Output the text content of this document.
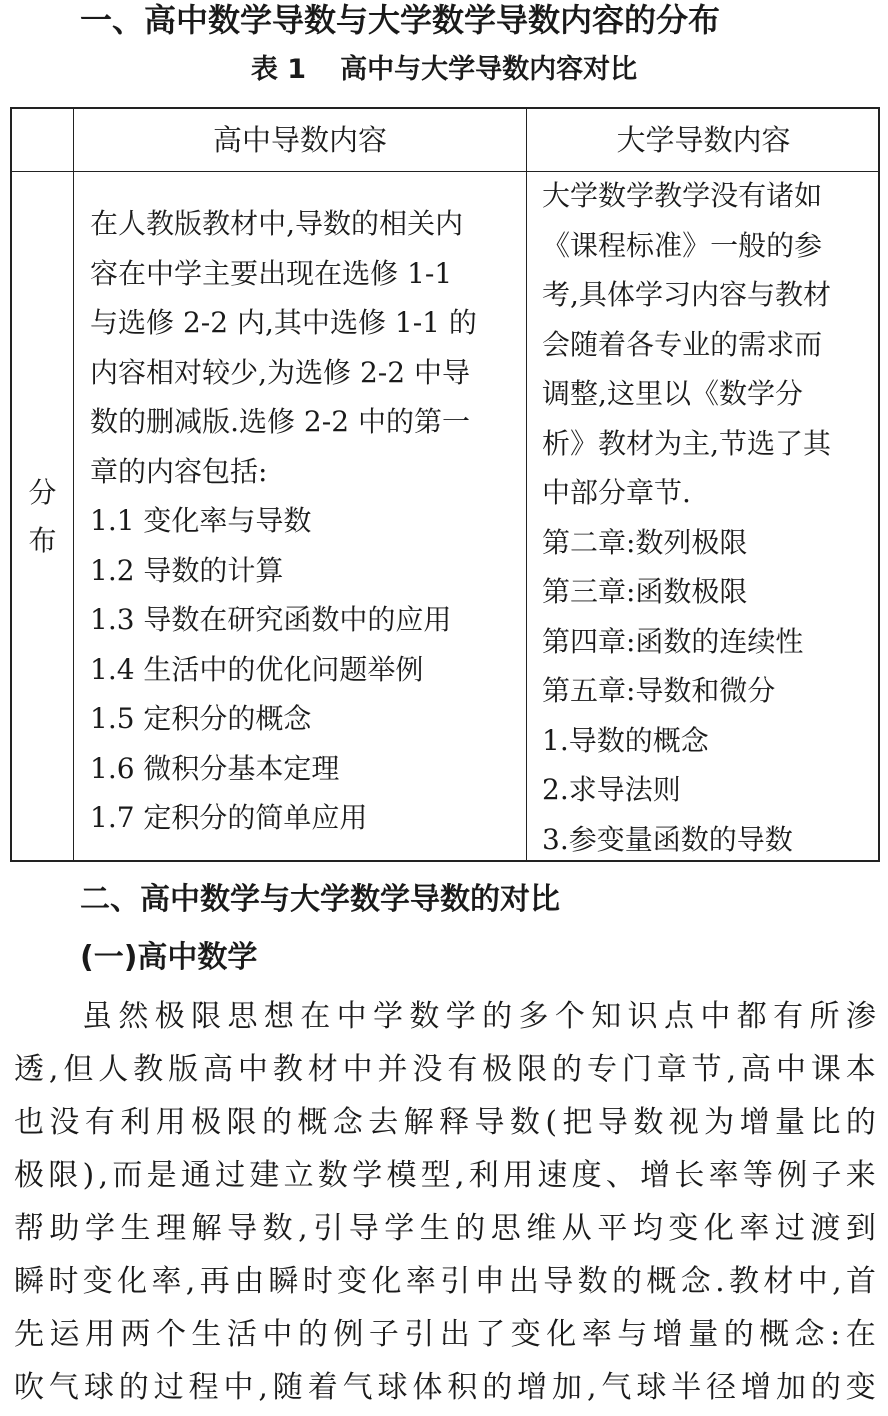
一、高中数学导数与大学数学导数内容的分布
表 1 高中与大学导数内容对比
高中导数内容	大学导数内容
分
布
在人教版教材中,导数的相关内
容在中学主要出现在选修 1-1
与选修 2-2 内,其中选修 1-1 的
内容相对较少,为选修 2-2 中导
数的删减版.选修 2-2 中的第一
章的内容包括:
1.1 变化率与导数
1.2 导数的计算
1.3 导数在研究函数中的应用
1.4 生活中的优化问题举例
1.5 定积分的概念
1.6 微积分基本定理
1.7 定积分的简单应用
大学数学教学没有诸如
《课程标准》一般的参
考,具体学习内容与教材
会随着各专业的需求而
调整,这里以《数学分
析》教材为主,节选了其
中部分章节.
第二章:数列极限
第三章:函数极限
第四章:函数的连续性
第五章:导数和微分
1.导数的概念
2.求导法则
3.参变量函数的导数
二、高中数学与大学数学导数的对比
(一)高中数学
虽 然 极 限 思 想 在 中 学 数 学 的 多 个 知 识 点 中 都 有 所 渗
透 , 但 人 教 版 高 中 教 材 中 并 没 有 极 限 的 专 门 章 节 , 高 中 课 本
也 没 有 利 用 极 限 的 概 念 去 解 释 导 数 ( 把 导 数 视 为 增 量 比 的
极 限 ) , 而 是 通 过 建 立 数 学 模 型 , 利 用 速 度 、 增 长 率 等 例 子 来
帮 助 学 生 理 解 导 数 , 引 导 学 生 的 思 维 从 平 均 变 化 率 过 渡 到
瞬 时 变 化 率 , 再 由 瞬 时 变 化 率 引 申 出 导 数 的 概 念 . 教 材 中 , 首
先 运 用 两 个 生 活 中 的 例 子 引 出 了 变 化 率 与 增 量 的 概 念 : 在
吹 气 球 的 过 程 中 , 随 着 气 球 体 积 的 增 加 , 气 球 半 径 增 加 的 变
